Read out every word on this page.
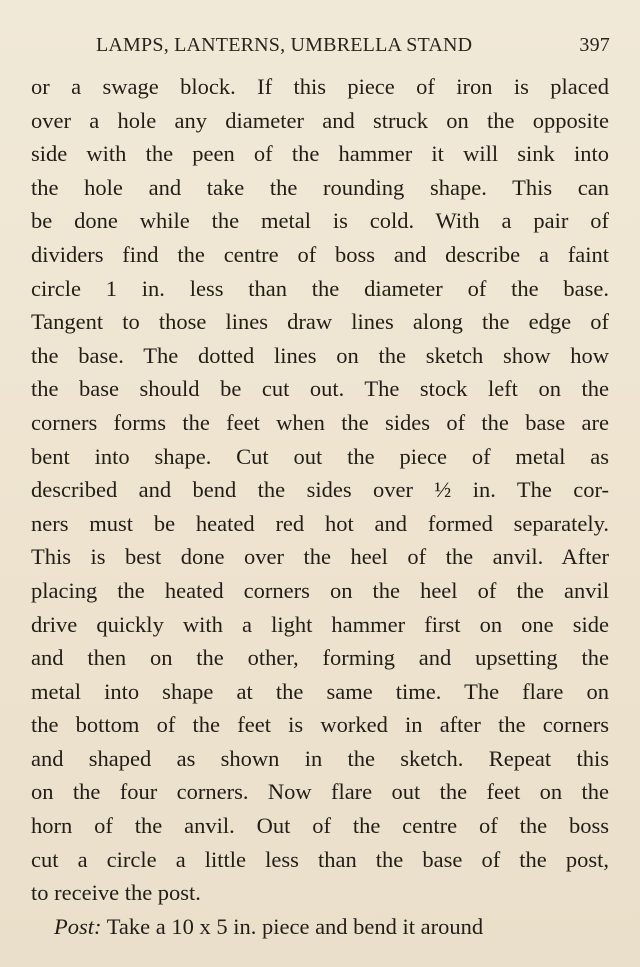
LAMPS, LANTERNS, UMBRELLA STAND	397
or a swage block. If this piece of iron is placed
over a hole any diameter and struck on the opposite
side with the peen of the hammer it will sink into
the hole and take the rounding shape. This can
be done while the metal is cold. With a pair of
dividers find the centre of boss and describe a faint
circle 1 in. less than the diameter of the base.
Tangent to those lines draw lines along the edge of
the base. The dotted lines on the sketch show how
the base should be cut out. The stock left on the
corners forms the feet when the sides of the base are
bent into shape. Cut out the piece of metal as
described and bend the sides over ½ in. The cor-
ners must be heated red hot and formed separately.
This is best done over the heel of the anvil. After
placing the heated corners on the heel of the anvil
drive quickly with a light hammer first on one side
and then on the other, forming and upsetting the
metal into shape at the same time. The flare on
the bottom of the feet is worked in after the corners
and shaped as shown in the sketch. Repeat this
on the four corners. Now flare out the feet on the
horn of the anvil. Out of the centre of the boss
cut a circle a little less than the base of the post,
to receive the post.
Post: Take a 10 x 5 in. piece and bend it around
